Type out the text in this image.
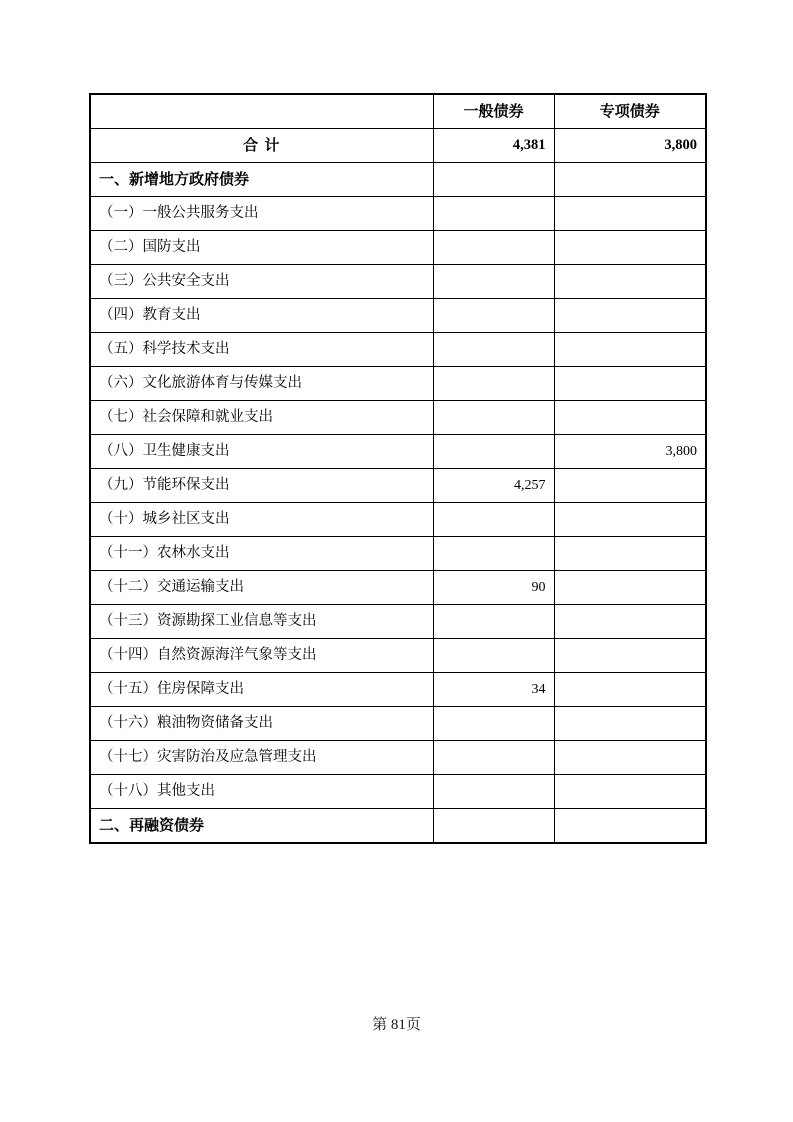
	一般债券	专项债券
合 计	4,381	3,800
一、新增地方政府债券		
（一）一般公共服务支出		
（二）国防支出		
（三）公共安全支出		
（四）教育支出		
（五）科学技术支出		
（六）文化旅游体育与传媒支出		
（七）社会保障和就业支出		
（八）卫生健康支出		3,800
（九）节能环保支出	4,257	
（十）城乡社区支出		
（十一）农林水支出		
（十二）交通运输支出	90	
（十三）资源勘探工业信息等支出		
（十四）自然资源海洋气象等支出		
（十五）住房保障支出	34	
（十六）粮油物资储备支出		
（十七）灾害防治及应急管理支出		
（十八）其他支出		
二、再融资债券		
第 81页
